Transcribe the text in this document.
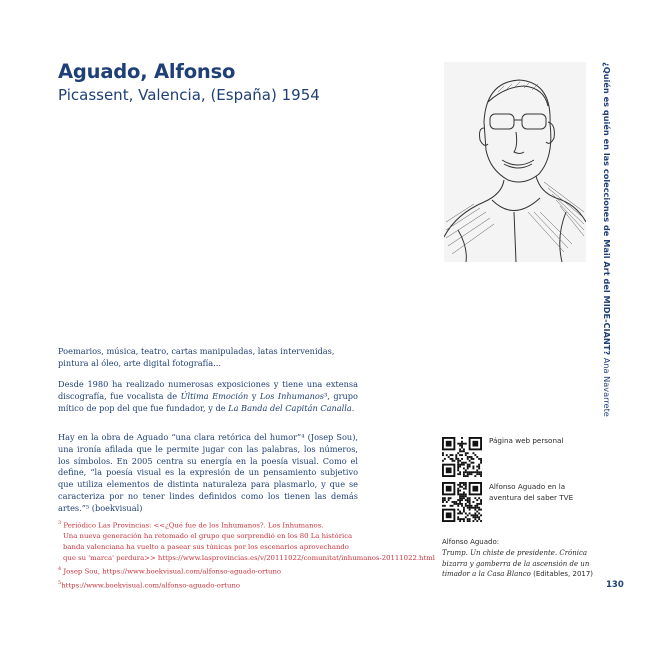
Aguado, Alfonso
Picassent, Valencia, (España) 1954	¿Quién es quién en las colecciones de Mail Art del MIDE-CIANT? Ana Navarrete
Poemarios, música, teatro, cartas manipuladas, latas intervenidas, pintura al óleo, arte digital fotografía...
Desde 1980 ha realizado numerosas exposiciones y tiene una extensa discografía, fue vocalista de Última Emoción y Los Inhumanos³, grupo mítico de pop del que fue fundador, y de La Banda del Capitán Canalla.
Hay en la obra de Aguado “una clara retórica del humor”⁴ (Josep Sou), una ironía afilada que le permite jugar con las palabras, los números, los símbolos. En 2005 centra su energía en la poesía visual. Como el define, “la poesía visual es la expresión de un pensamiento subjetivo que utiliza elementos de distinta naturaleza para plasmarlo, y que se caracteriza por no tener lindes definidos como los tienen las demás artes.”⁵ (boekvisual)
$^3$ Periódico Las Provincias: <<¿Qué fue de los Inhumanos?. Los Inhumanos.
Una nueva generación ha retomado el grupo que sorprendió en los 80 La histórica
banda valenciana ha vuelto a pasear sus túnicas por los escenarios aprovechando
que su 'marca' perdura>> https://www.lasprovincias.es/v/20111022/comunitat/inhumanos-20111022.html
$^4$ Josep Sou, https://www.boekvisual.com/alfonso-aguado-ortuno
$^5$https://www.boekvisual.com/alfonso-aguado-ortuno
Página web personal
Alfonso Aguado en la aventura del saber TVE
Alfonso Aguado:
Trump. Un chiste de presidente. Crónica bizarra y gamberra de la ascensión de un timador a la Casa Blanco (Editables, 2017)
130
